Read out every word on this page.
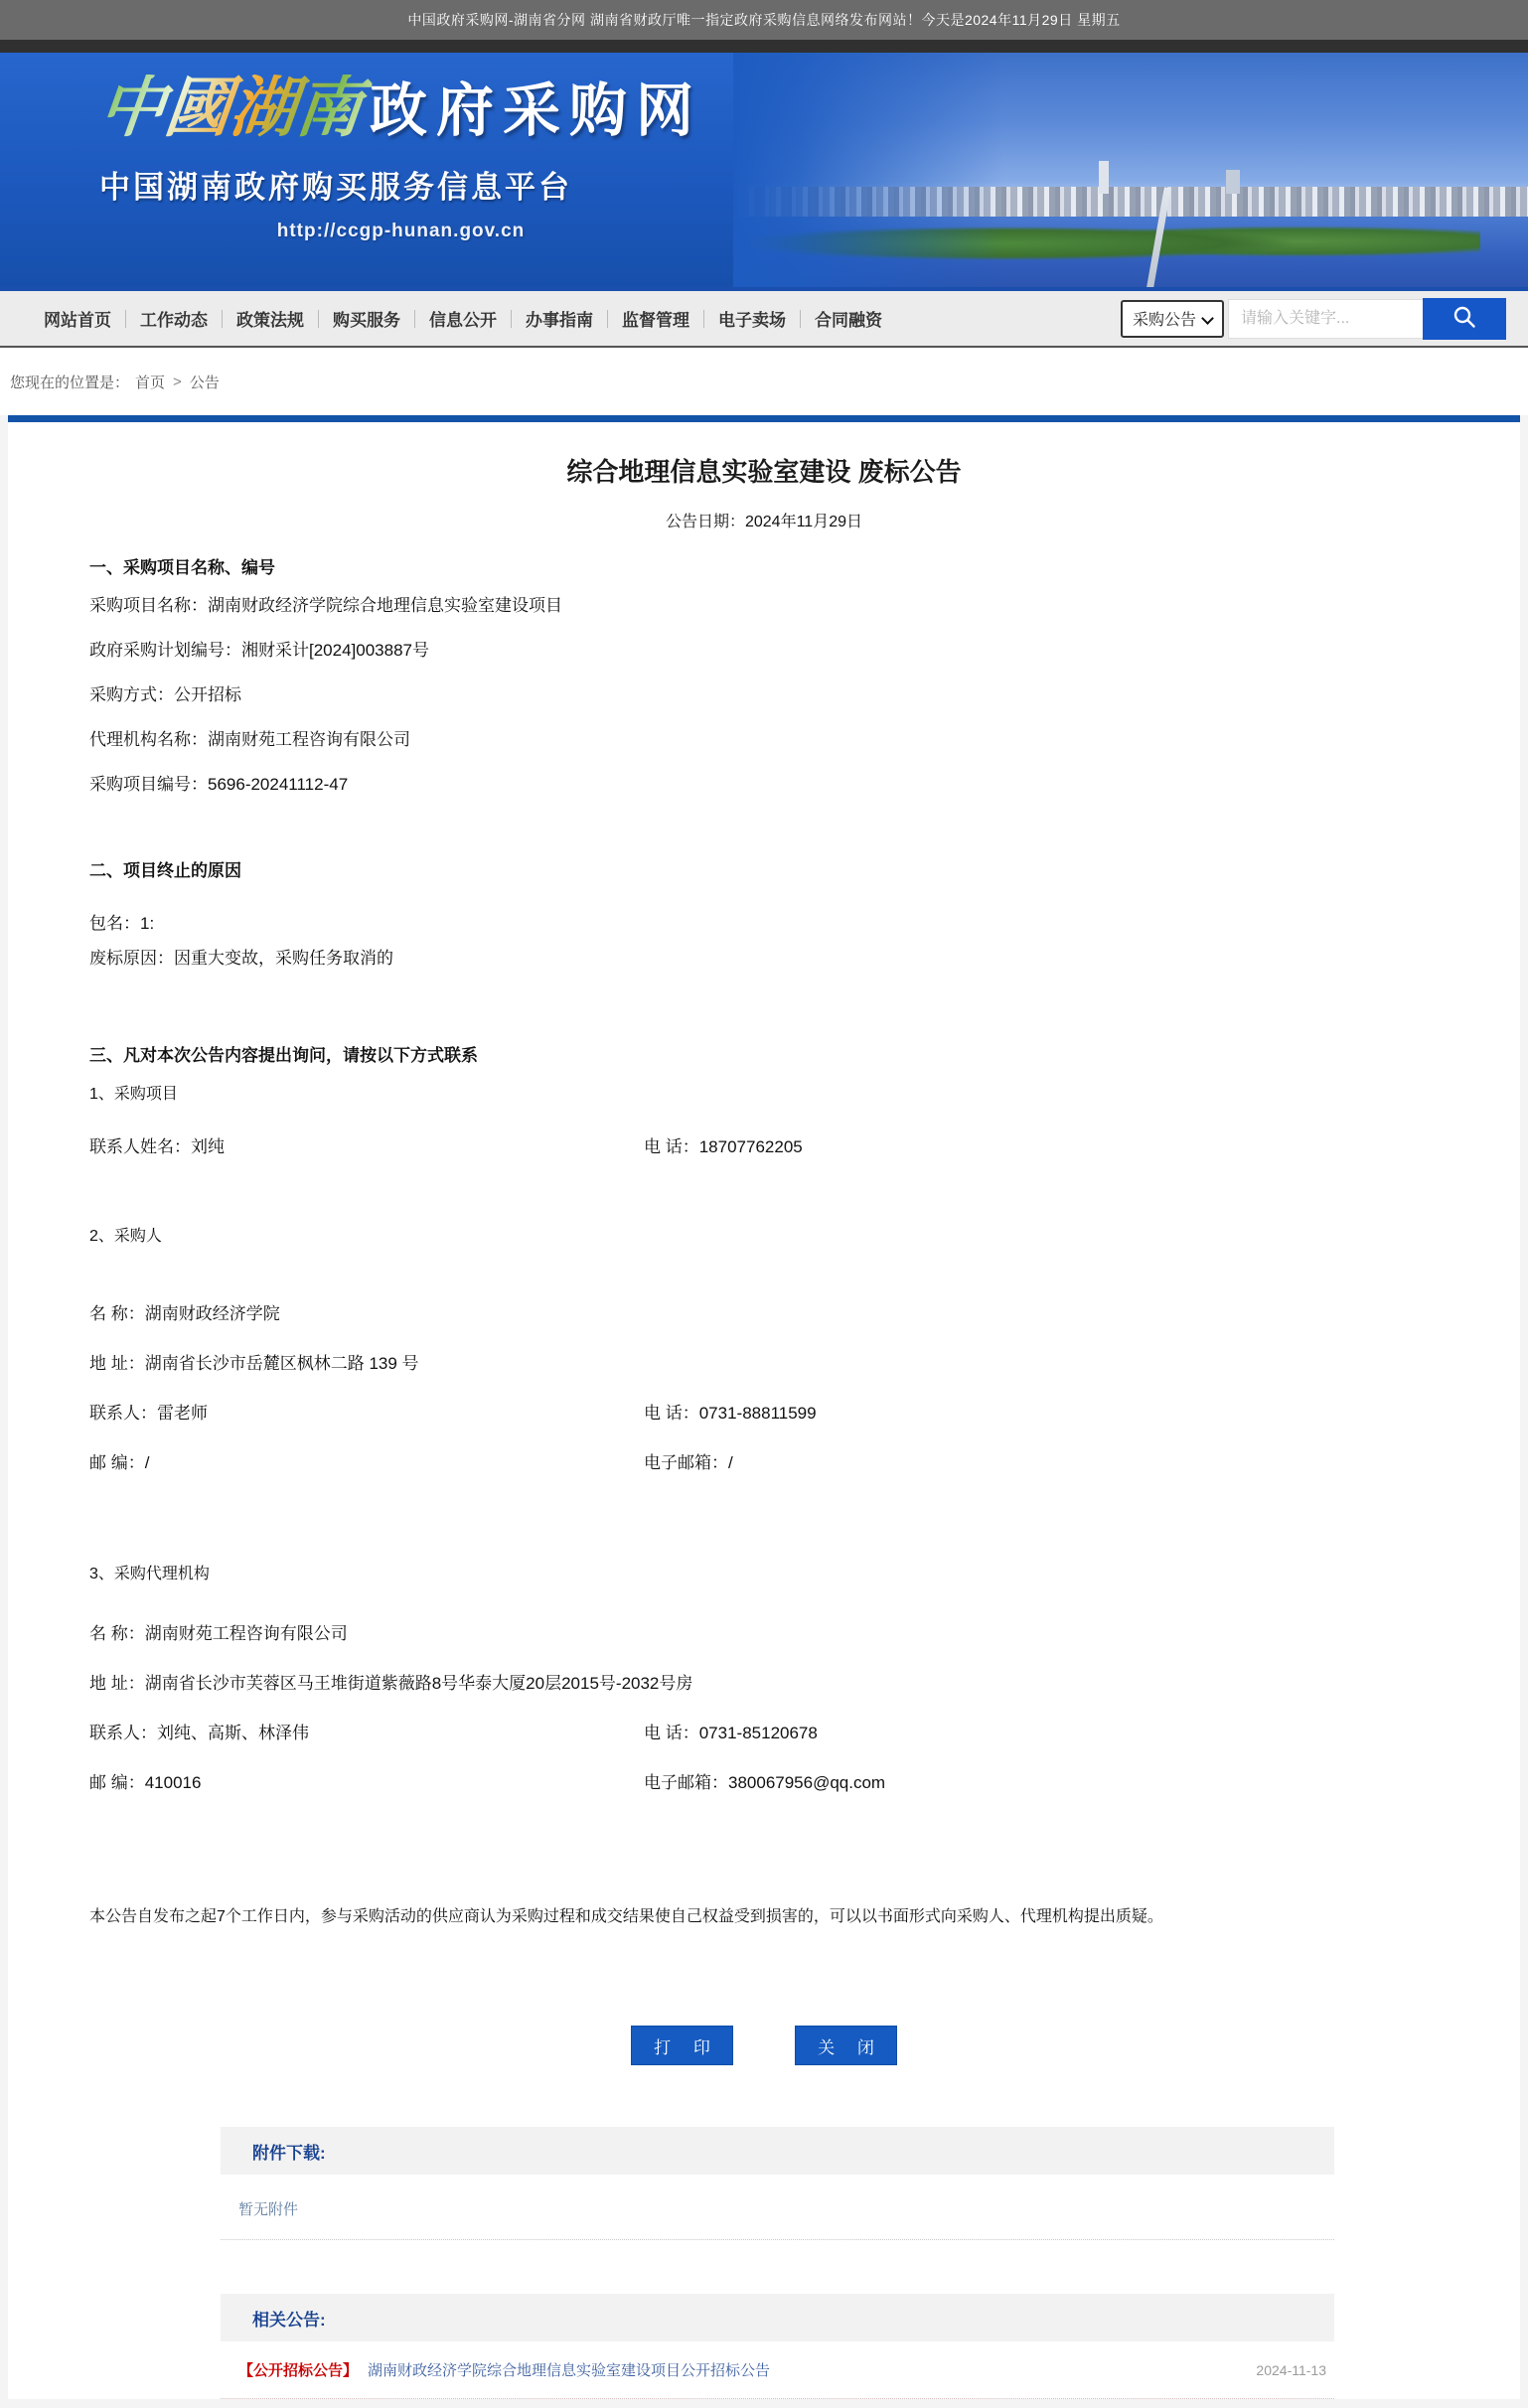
中国政府采购网-湖南省分网 湖南省财政厅唯一指定政府采购信息网络发布网站！今天是2024年11月29日 星期五
中國湖南 政府采购网
中国湖南政府购买服务信息平台
http://ccgp-hunan.gov.cn
网站首页	工作动态	政策法规	购买服务	信息公开	办事指南	监督管理	电子卖场	合同融资	采购公告
请输入关键字...
您现在的位置是： 首页 > 公告
综合地理信息实验室建设 废标公告
公告日期：2024年11月29日
一、采购项目名称、编号
采购项目名称：湖南财政经济学院综合地理信息实验室建设项目
政府采购计划编号：湘财采计[2024]003887号
采购方式：公开招标
代理机构名称：湖南财苑工程咨询有限公司
采购项目编号：5696-20241112-47
二、项目终止的原因
包名：1:
废标原因：因重大变故，采购任务取消的
三、凡对本次公告内容提出询问，请按以下方式联系
1、采购项目
联系人姓名：刘纯	电 话：18707762205
2、采购人
名 称：湖南财政经济学院
地 址：湖南省长沙市岳麓区枫林二路 139 号
联系人：雷老师	电 话：0731-88811599
邮 编：/	电子邮箱：/
3、采购代理机构
名 称：湖南财苑工程咨询有限公司
地 址：湖南省长沙市芙蓉区马王堆街道紫薇路8号华泰大厦20层2015号-2032号房
联系人：刘纯、高斯、林泽伟	电 话：0731-85120678
邮 编：410016	电子邮箱：380067956@qq.com

本公告自发布之起7个工作日内，参与采购活动的供应商认为采购过程和成交结果使自己权益受到损害的，可以以书面形式向采购人、代理机构提出质疑。

打 印	关 闭
附件下载:
暂无附件
相关公告:
【公开招标公告】 湖南财政经济学院综合地理信息实验室建设项目公开招标公告	2024-11-13
